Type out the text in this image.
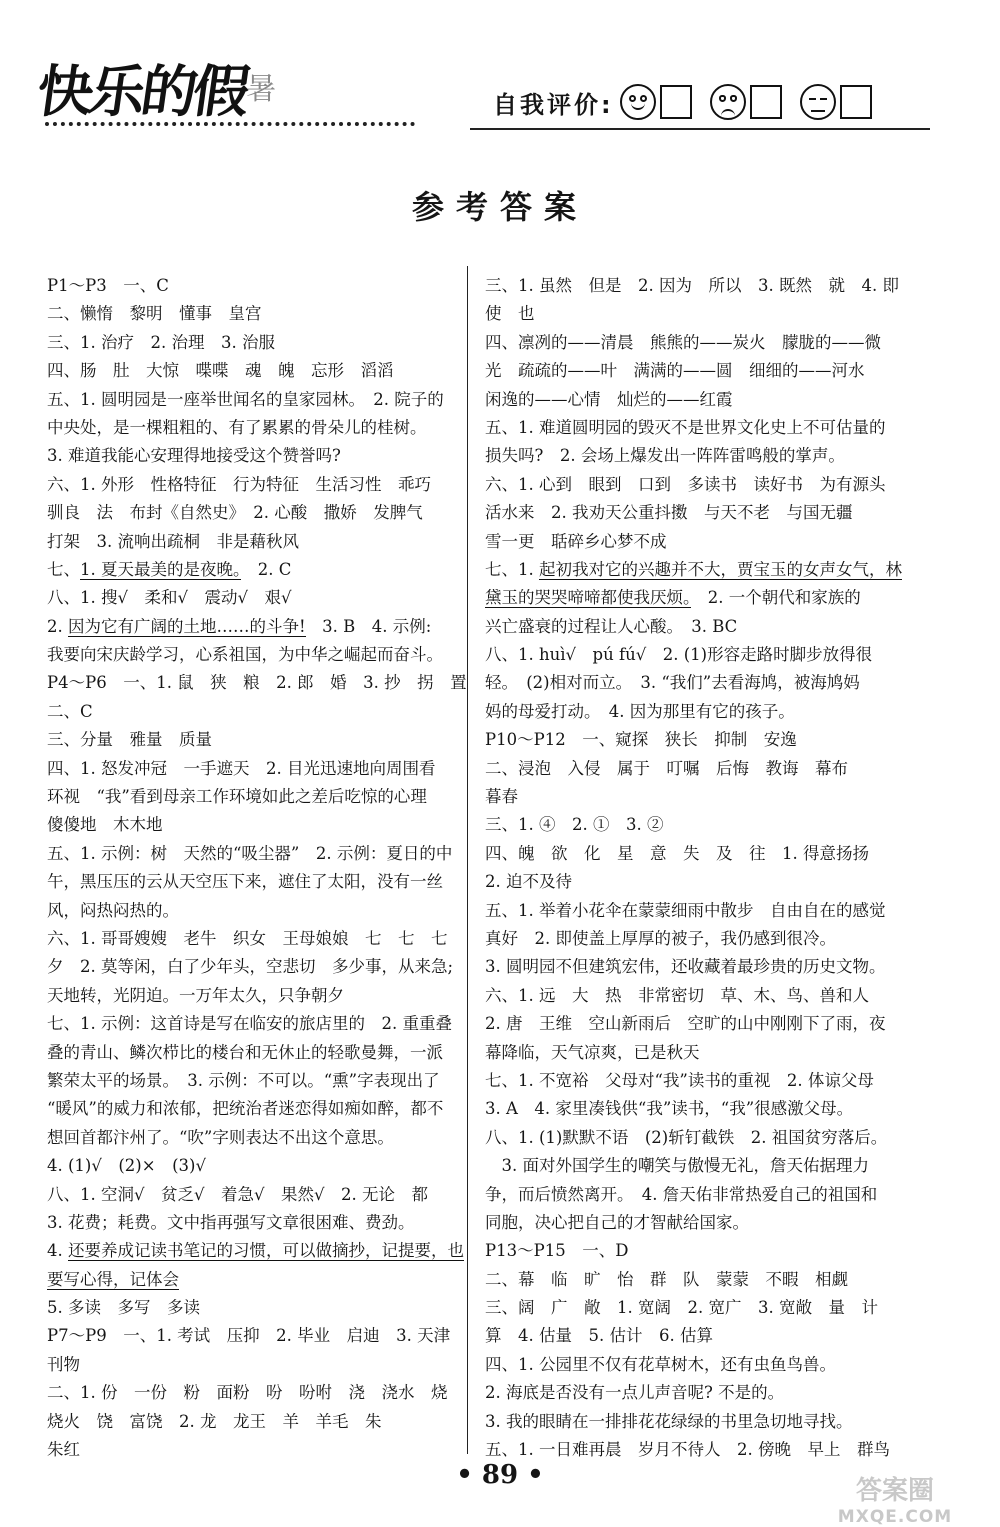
快乐的假
暑	自我评价:
参考答案
P1～P3　一、C
二、懒惰　黎明　懂事　皇宫
三、1. 治疗　2. 治理　3. 治服
四、肠　肚　大惊　喋喋　魂　魄　忘形　滔滔
五、1. 圆明园是一座举世闻名的皇家园林。　2. 院子的
中央处，是一棵粗粗的、有了累累的骨朵儿的桂树。
3. 难道我能心安理得地接受这个赞誉吗?
六、1. 外形　性格特征　行为特征　生活习性　乖巧
驯良　法　布封《自然史》　2. 心酸　撒娇　发脾气
打架　3. 流响出疏桐　非是藉秋风
七、1. 夏天最美的是夜晚。　2. C
八、1. 搜√　柔和√　震动√　艰√
2. 因为它有广阔的土地……的斗争!　3. B　4. 示例:
我要向宋庆龄学习，心系祖国，为中华之崛起而奋斗。
P4～P6　一、1. 鼠　狭　粮　2. 郎　婚　3. 抄　拐　置
二、C
三、分量　雅量　质量
四、1. 怒发冲冠　一手遮天　2. 目光迅速地向周围看
环视　“我”看到母亲工作环境如此之差后吃惊的心理
傻傻地　木木地
五、1. 示例：树　天然的“吸尘器”　2. 示例：夏日的中
午，黑压压的云从天空压下来，遮住了太阳，没有一丝
风，闷热闷热的。
六、1. 哥哥嫂嫂　老牛　织女　王母娘娘　七　七　七
夕　2. 莫等闲，白了少年头，空悲切　多少事，从来急;
天地转，光阴迫。一万年太久，只争朝夕
七、1. 示例：这首诗是写在临安的旅店里的　2. 重重叠
叠的青山、鳞次栉比的楼台和无休止的轻歌曼舞，一派
繁荣太平的场景。　3. 示例：不可以。“熏”字表现出了
“暖风”的威力和浓郁，把统治者迷恋得如痴如醉，都不
想回首都汴州了。“吹”字则表达不出这个意思。
4. (1)√　(2)×　(3)√
八、1. 空洞√　贫乏√　着急√　果然√　2. 无论　都
3. 花费；耗费。文中指再强写文章很困难、费劲。
4. 还要养成记读书笔记的习惯，可以做摘抄，记提要，也
要写心得，记体会
5. 多读　多写　多读
P7～P9　一、1. 考试　压抑　2. 毕业　启迪　3. 天津
刊物
二、1. 份　一份　粉　面粉　吩　吩咐　浇　浇水　烧
烧火　饶　富饶　2. 龙　龙王　羊　羊毛　朱
朱红
三、1. 虽然　但是　2. 因为　所以　3. 既然　就　4. 即
使　也
四、凛冽的——清晨　熊熊的——炭火　朦胧的——微
光　疏疏的——叶　满满的——圆　细细的——河水
闲逸的——心情　灿烂的——红霞
五、1. 难道圆明园的毁灭不是世界文化史上不可估量的
损失吗?　2. 会场上爆发出一阵阵雷鸣般的掌声。
六、1. 心到　眼到　口到　多读书　读好书　为有源头
活水来　2. 我劝天公重抖擞　与天不老　与国无疆
雪一更　聒碎乡心梦不成
七、1. 起初我对它的兴趣并不大，贾宝玉的女声女气，林
黛玉的哭哭啼啼都使我厌烦。　2. 一个朝代和家族的
兴亡盛衰的过程让人心酸。　3. BC
八、1. huì√　pú fú√　2. (1)形容走路时脚步放得很
轻。　(2)相对而立。　3. “我们”去看海鸠，被海鸠妈
妈的母爱打动。　4. 因为那里有它的孩子。
P10～P12　一、窥探　狭长　抑制　安逸
二、浸泡　入侵　属于　叮嘱　后悔　教诲　幕布
暮春
三、1. ④　2. ①　3. ②
四、魄　欲　化　星　意　失　及　往　1. 得意扬扬
2. 迫不及待
五、1. 举着小花伞在蒙蒙细雨中散步　自由自在的感觉
真好　2. 即使盖上厚厚的被子，我仍感到很冷。
3. 圆明园不但建筑宏伟，还收藏着最珍贵的历史文物。
六、1. 远　大　热　非常密切　草、木、鸟、兽和人
2. 唐　王维　空山新雨后　空旷的山中刚刚下了雨，夜
幕降临，天气凉爽，已是秋天
七、1. 不宽裕　父母对“我”读书的重视　2. 体谅父母
3. A　4. 家里凑钱供“我”读书，“我”很感激父母。
八、1. (1)默默不语　(2)斩钉截铁　2. 祖国贫穷落后。
　3. 面对外国学生的嘲笑与傲慢无礼，詹天佑据理力
争，而后愤然离开。　4. 詹天佑非常热爱自己的祖国和
同胞，决心把自己的才智献给国家。
P13～P15　一、D
二、幕　临　旷　怡　群　队　蒙蒙　不暇　相觑
三、阔　广　敞　1. 宽阔　2. 宽广　3. 宽敞　量　计
算　4. 估量　5. 估计　6. 估算
四、1. 公园里不仅有花草树木，还有虫鱼鸟兽。
2. 海底是否没有一点儿声音呢? 不是的。
3. 我的眼睛在一排排花花绿绿的书里急切地寻找。
五、1. 一日难再晨　岁月不待人　2. 傍晚　早上　群鸟
• 89 •
答案圈
MXQE.COM
